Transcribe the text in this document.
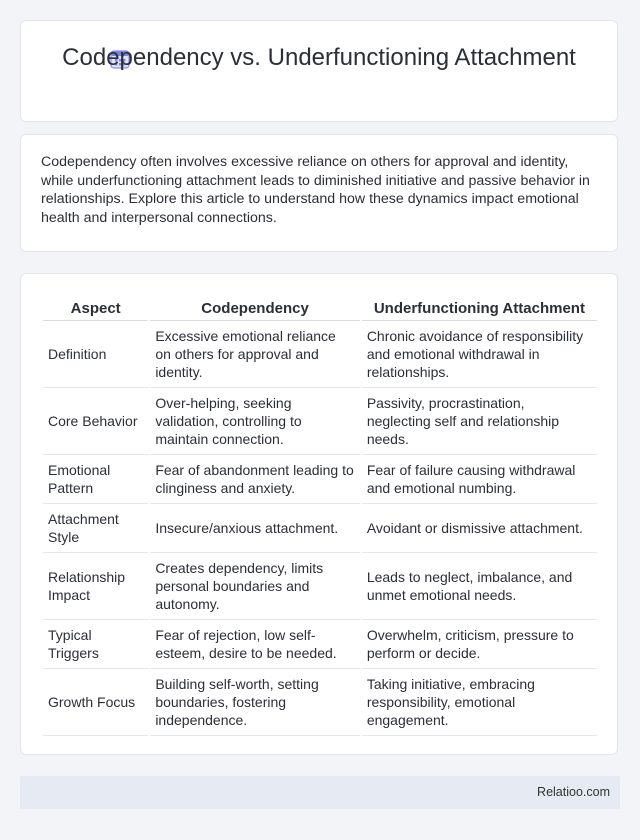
Codependency vs. Underfunctioning Attachment
Codependency often involves excessive reliance on others for approval and identity, while underfunctioning attachment leads to diminished initiative and passive behavior in relationships. Explore this article to understand how these dynamics impact emotional health and interpersonal connections.
Aspect	Codependency	Underfunctioning Attachment
Definition	Excessive emotional reliance on others for approval and identity.	Chronic avoidance of responsibility and emotional withdrawal in relationships.
Core Behavior	Over-helping, seeking validation, controlling to maintain connection.	Passivity, procrastination, neglecting self and relationship needs.
Emotional Pattern	Fear of abandonment leading to clinginess and anxiety.	Fear of failure causing withdrawal and emotional numbing.
Attachment Style	Insecure/anxious attachment.	Avoidant or dismissive attachment.
Relationship Impact	Creates dependency, limits personal boundaries and autonomy.	Leads to neglect, imbalance, and unmet emotional needs.
Typical Triggers	Fear of rejection, low self-esteem, desire to be needed.	Overwhelm, criticism, pressure to perform or decide.
Growth Focus	Building self-worth, setting boundaries, fostering independence.	Taking initiative, embracing responsibility, emotional engagement.
Relatioo.com
